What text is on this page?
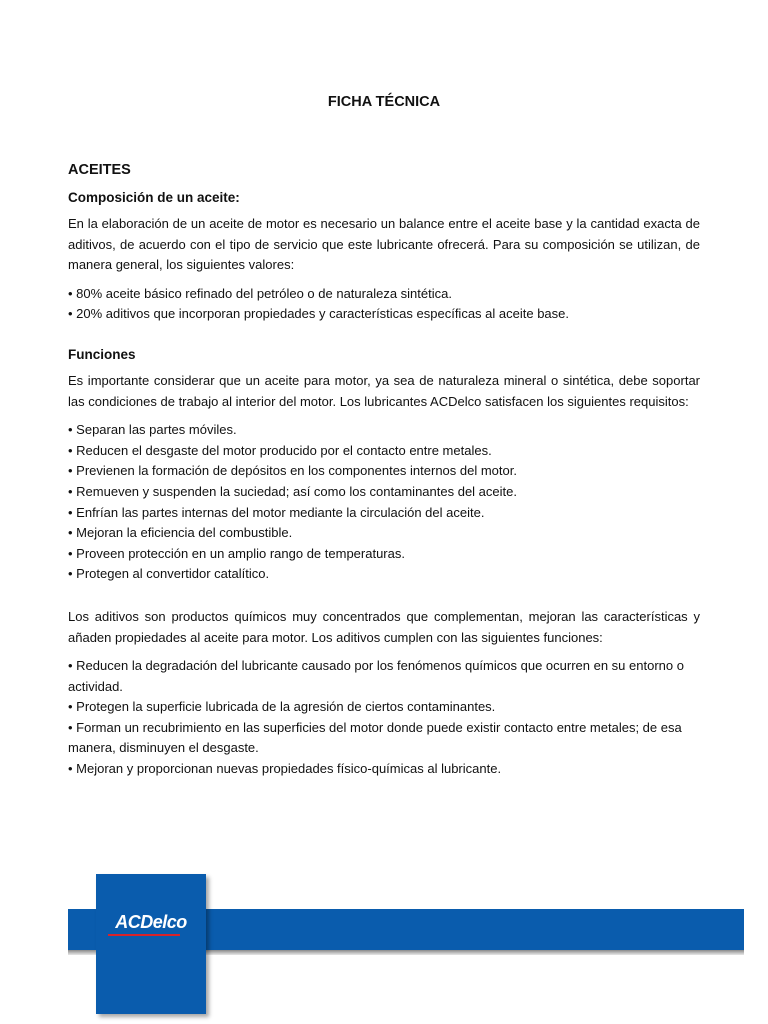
FICHA TÉCNICA
ACEITES
Composición de un aceite:

En la elaboración de un aceite de motor es necesario un balance entre el aceite base y la cantidad exacta de aditivos, de acuerdo con el tipo de servicio que este lubricante ofrecerá. Para su composición se utilizan, de manera general, los siguientes valores:

• 80% aceite básico refinado del petróleo o de naturaleza sintética.
• 20% aditivos que incorporan propiedades y características específicas al aceite base.
Funciones

Es importante considerar que un aceite para motor, ya sea de naturaleza mineral o sintética, debe soportar las condiciones de trabajo al interior del motor. Los lubricantes ACDelco satisfacen los siguientes requisitos:

• Separan las partes móviles.
• Reducen el desgaste del motor producido por el contacto entre metales.
• Previenen la formación de depósitos en los componentes internos del motor.
• Remueven y suspenden la suciedad; así como los contaminantes del aceite.
• Enfrían las partes internas del motor mediante la circulación del aceite.
• Mejoran la eficiencia del combustible.
• Proveen protección en un amplio rango de temperaturas.
• Protegen al convertidor catalítico.

Los aditivos son productos químicos muy concentrados que complementan, mejoran las características y añaden propiedades al aceite para motor. Los aditivos cumplen con las siguientes funciones:

• Reducen la degradación del lubricante causado por los fenómenos químicos que ocurren en su entorno o actividad.
• Protegen la superficie lubricada de la agresión de ciertos contaminantes.
• Forman un recubrimiento en las superficies del motor donde puede existir contacto entre metales; de esa manera, disminuyen el desgaste.
• Mejoran y proporcionan nuevas propiedades físico-químicas al lubricante.
ACDelco
